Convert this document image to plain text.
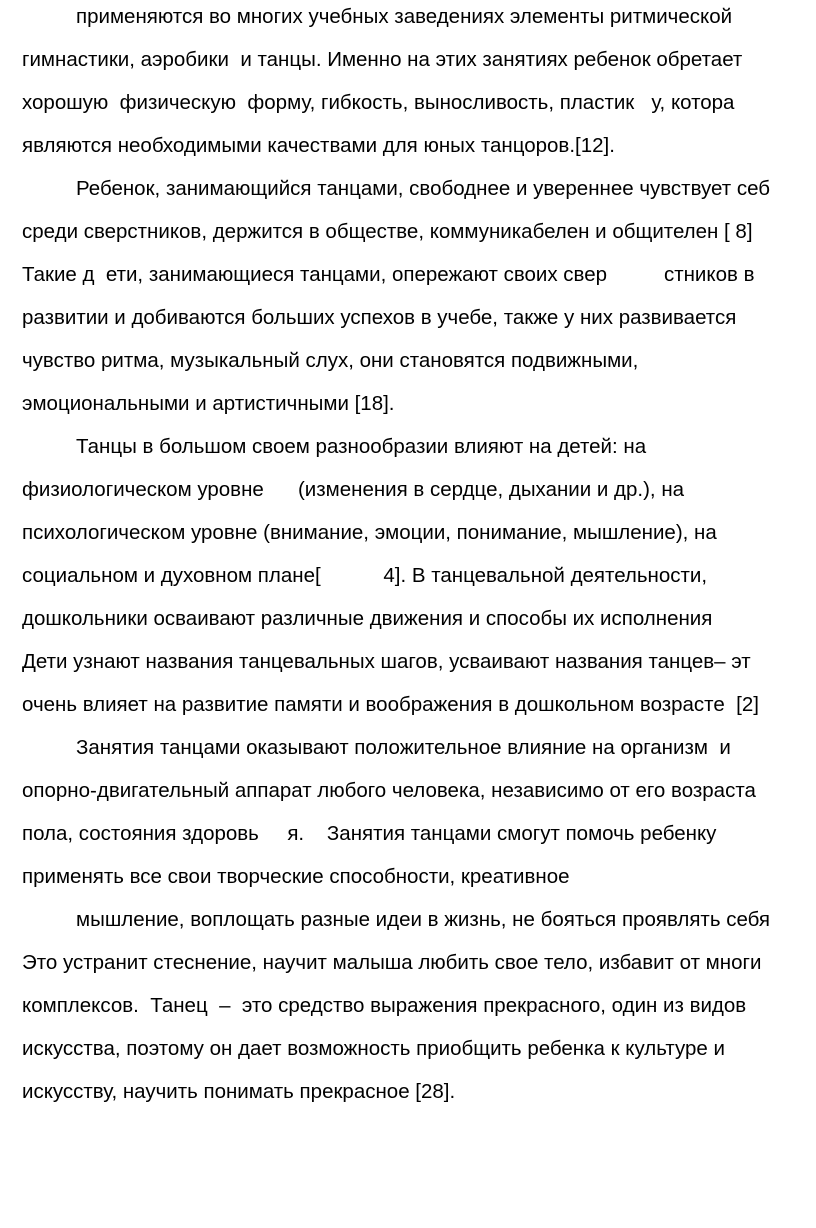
применяются во многих учебных заведениях элементы ритмической
гимнастики, аэробики  и танцы. Именно на этих занятиях ребенок обретает
хорошую  физическую  форму, гибкость, выносливость, пластик   у, котора
являются необходимыми качествами для юных танцоров.[12].
Ребенок, занимающийся танцами, свободнее и увереннее чувствует себ
среди сверстников, держится в обществе, коммуникабелен и общителен [ 8]
Такие д  ети, занимающиеся танцами, опережают своих свер          стников в
развитии и добиваются больших успехов в учебе, также у них развивается
чувство ритма, музыкальный слух, они становятся подвижными,
эмоциональными и артистичными [18].
Танцы в большом своем разнообразии влияют на детей: на
физиологическом уровне      (изменения в сердце, дыхании и др.), на
психологическом уровне (внимание, эмоции, понимание, мышление), на
социальном и духовном плане[           4]. В танцевальной деятельности,
дошкольники осваивают различные движения и способы их исполнения
Дети узнают названия танцевальных шагов, усваивают названия танцев– эт
очень влияет на развитие памяти и воображения в дошкольном возрасте  [2]
Занятия танцами оказывают положительное влияние на организм  и
опорно-двигательный аппарат любого человека, независимо от его возраста
пола, состояния здоровь     я.    Занятия танцами смогут помочь ребенку
применять все свои творческие способности, креативное
мышление, воплощать разные идеи в жизнь, не бояться проявлять себя
Это устранит стеснение, научит малыша любить свое тело, избавит от многи
комплексов.  Танец  –  это средство выражения прекрасного, один из видов
искусства, поэтому он дает возможность приобщить ребенка к культуре и
искусству, научить понимать прекрасное [28].
